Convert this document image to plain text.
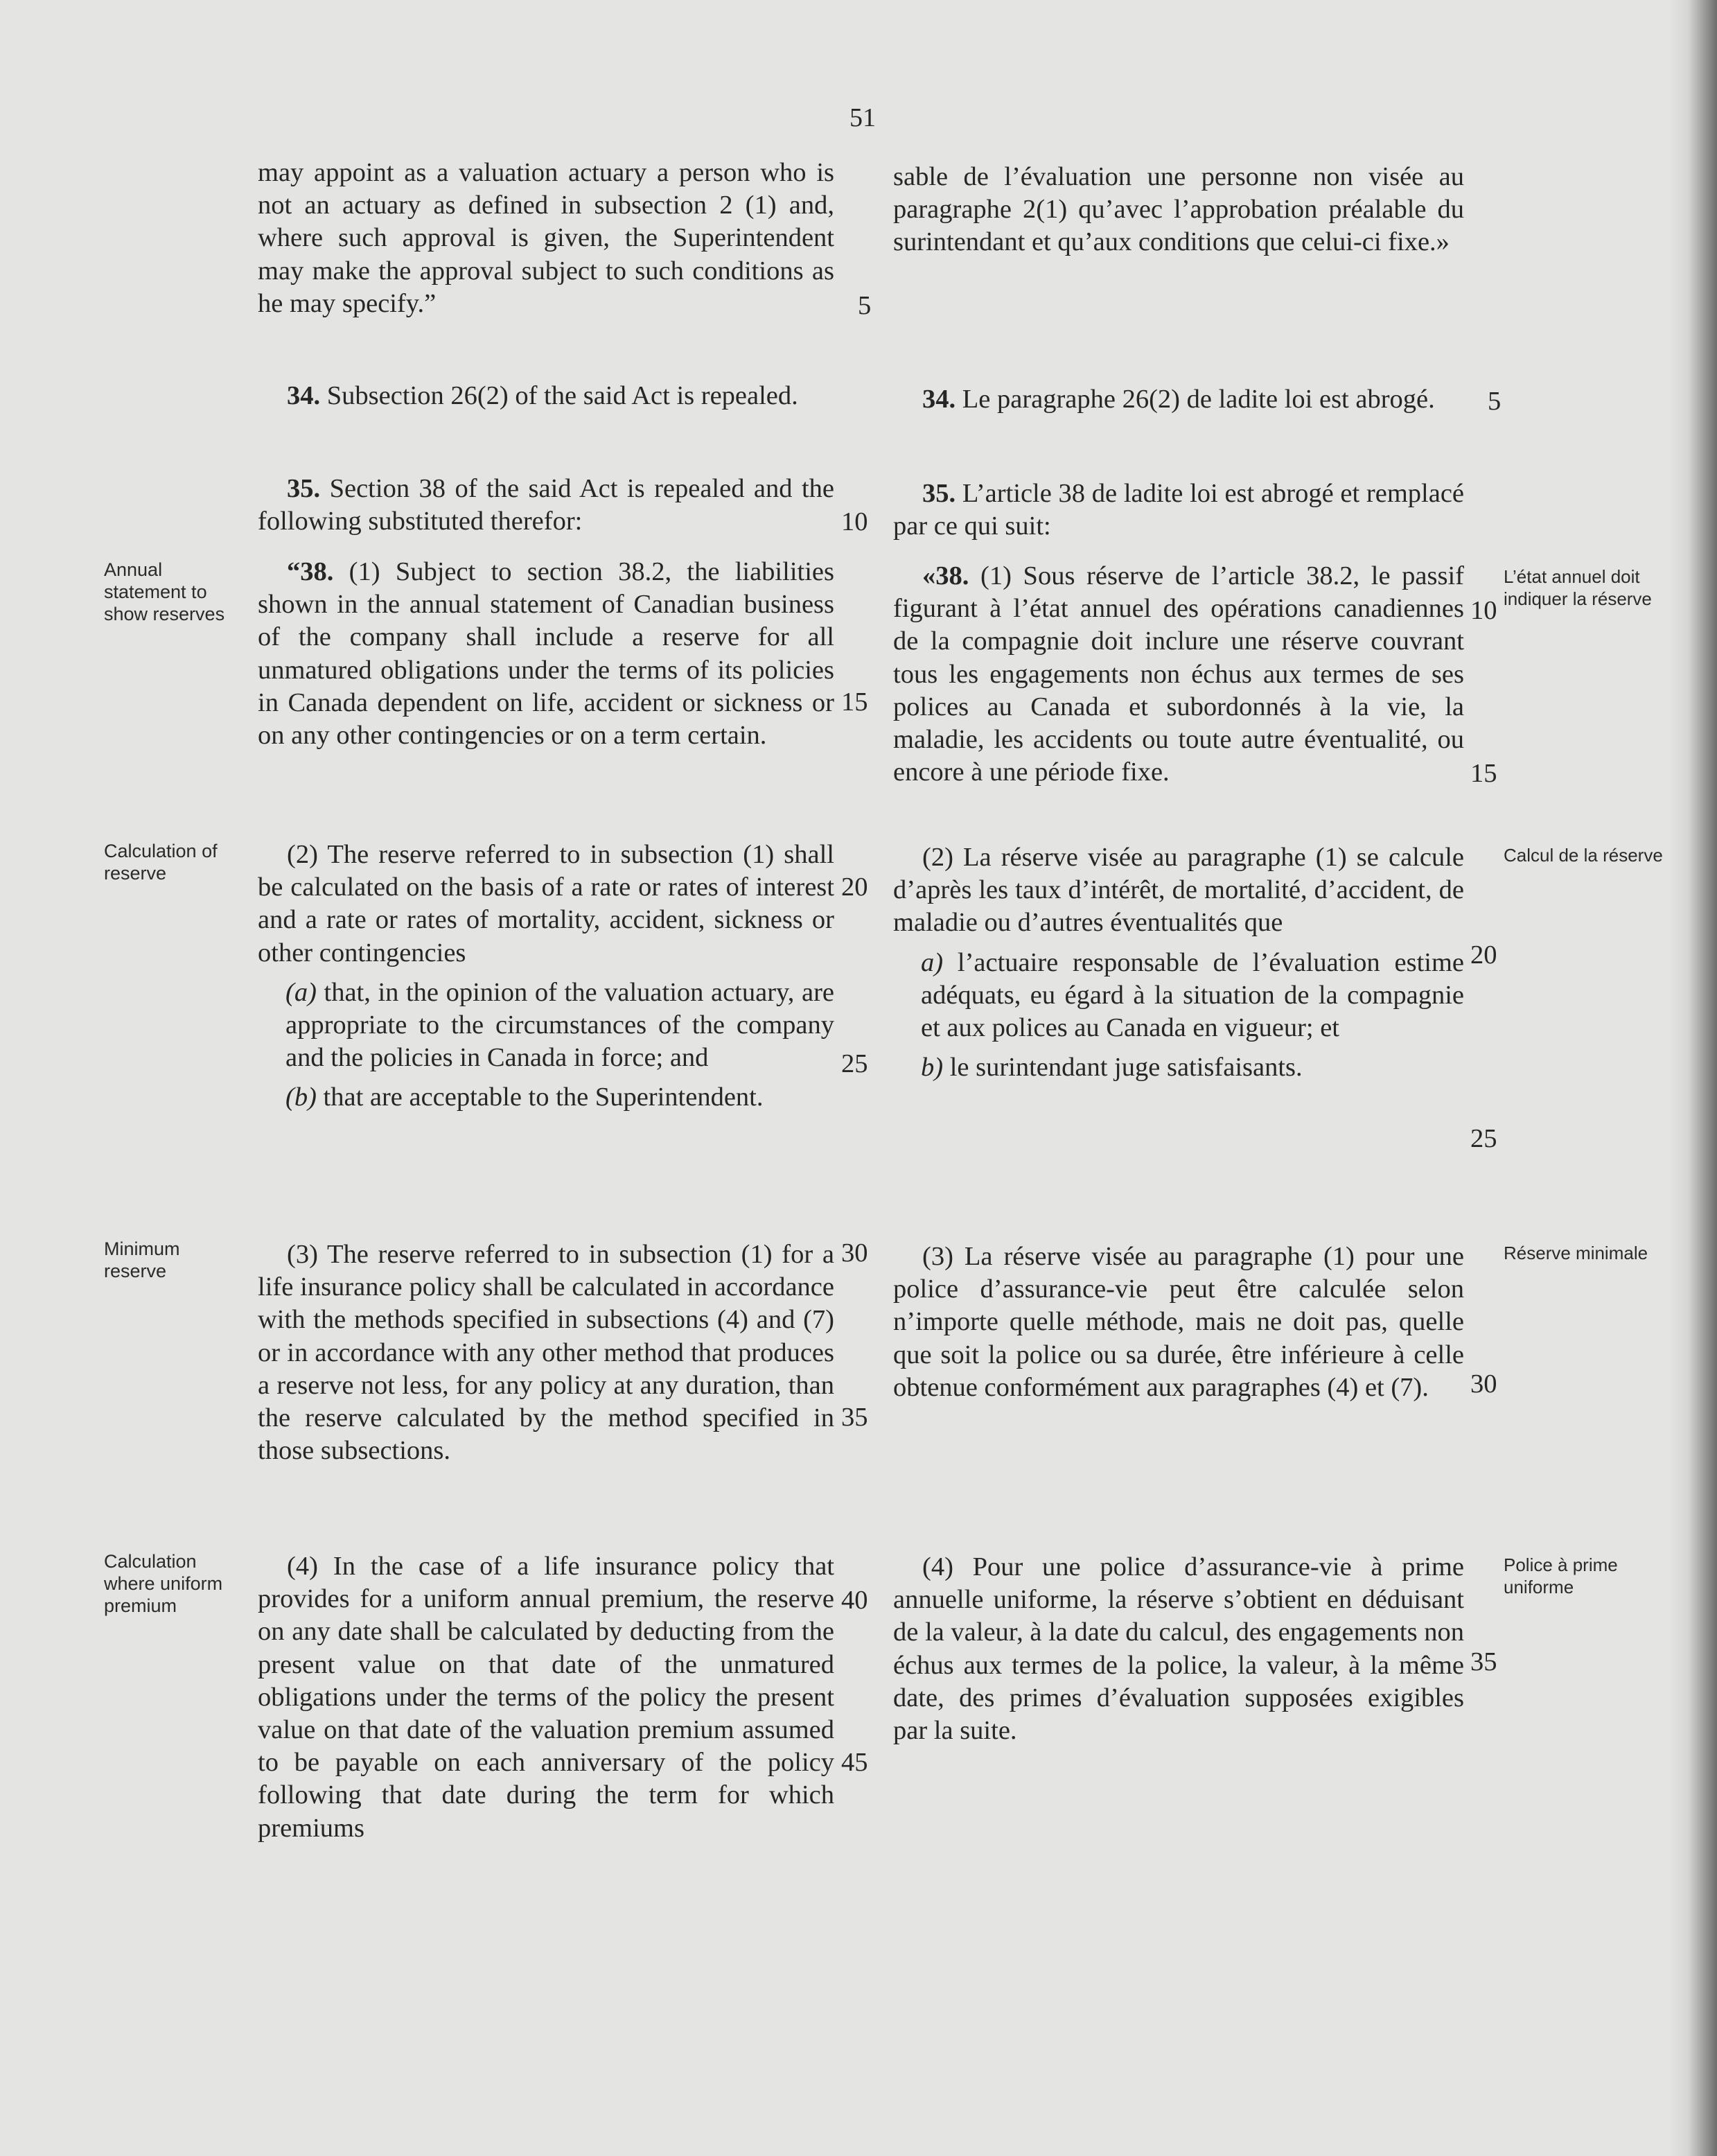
51
may appoint as a valuation actuary a person who is not an actuary as defined in subsection 2 (1) and, where such approval is given, the Superintendent may make the approval subject to such conditions as he may specify.”

34. Subsection 26(2) of the said Act is repealed.

35. Section 38 of the said Act is repealed and the following substituted therefor:

“38. (1) Subject to section 38.2, the liabilities shown in the annual statement of Canadian business of the company shall include a reserve for all unmatured obligations under the terms of its policies in Canada dependent on life, accident or sickness or on any other contingencies or on a term certain.

(2) The reserve referred to in subsection (1) shall be calculated on the basis of a rate or rates of interest and a rate or rates of mortality, accident, sickness or other contingencies

(a) that, in the opinion of the valuation actuary, are appropriate to the circumstances of the company and the policies in Canada in force; and

(b) that are acceptable to the Superintendent.

(3) The reserve referred to in subsection (1) for a life insurance policy shall be calculated in accordance with the methods specified in subsections (4) and (7) or in accordance with any other method that produces a reserve not less, for any policy at any duration, than the reserve calculated by the method specified in those subsections.

(4) In the case of a life insurance policy that provides for a uniform annual premium, the reserve on any date shall be calculated by deducting from the present value on that date of the unmatured obligations under the terms of the policy the present value on that date of the valuation premium assumed to be payable on each anniversary of the policy following that date during the term for which premiums

5
10
15
20
25
30
35
40
45
sable de l’évaluation une personne non visée au paragraphe 2(1) qu’avec l’approbation préalable du surintendant et qu’aux conditions que celui-ci fixe.»

34. Le paragraphe 26(2) de ladite loi est abrogé.

35. L’article 38 de ladite loi est abrogé et remplacé par ce qui suit:

«38. (1) Sous réserve de l’article 38.2, le passif figurant à l’état annuel des opérations canadiennes de la compagnie doit inclure une réserve couvrant tous les engagements non échus aux termes de ses polices au Canada et subordonnés à la vie, la maladie, les accidents ou toute autre éventualité, ou encore à une période fixe.

(2) La réserve visée au paragraphe (1) se calcule d’après les taux d’intérêt, de mortalité, d’accident, de maladie ou d’autres éventualités que

a) l’actuaire responsable de l’évaluation estime adéquats, eu égard à la situation de la compagnie et aux polices au Canada en vigueur; et

b) le surintendant juge satisfaisants.

(3) La réserve visée au paragraphe (1) pour une police d’assurance-vie peut être calculée selon n’importe quelle méthode, mais ne doit pas, quelle que soit la police ou sa durée, être inférieure à celle obtenue conformément aux paragraphes (4) et (7).

(4) Pour une police d’assurance-vie à prime annuelle uniforme, la réserve s’obtient en déduisant de la valeur, à la date du calcul, des engagements non échus aux termes de la police, la valeur, à la même date, des primes d’évaluation supposées exigibles par la suite.

5
10
15
20
25
30
35
Annual statement to show reserves
Calculation of reserve
Minimum reserve
Calculation where uniform premium
L’état annuel doit indiquer la réserve
Calcul de la réserve
Réserve minimale
Police à prime uniforme
